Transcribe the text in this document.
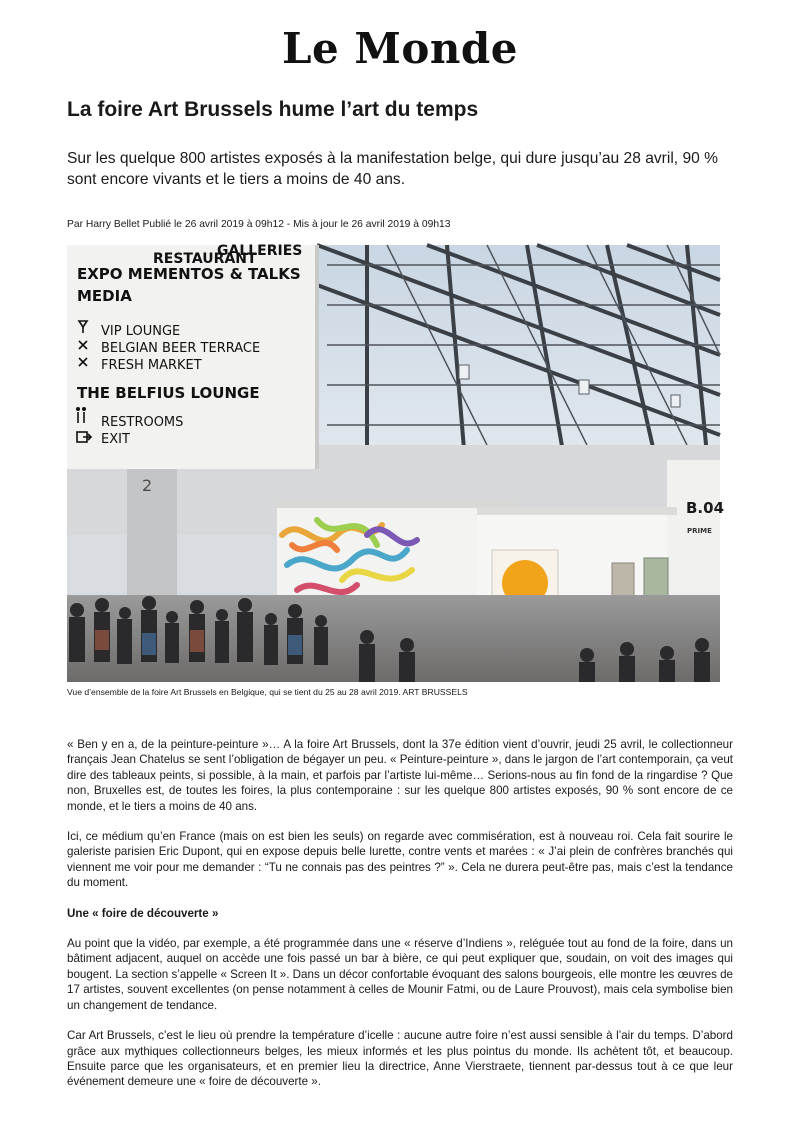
Le Monde
La foire Art Brussels hume l’art du temps

Sur les quelque 800 artistes exposés à la manifestation belge, qui dure jusqu’au 28 avril, 90 % sont encore vivants et le tiers a moins de 40 ans.

Par Harry Bellet Publié le 26 avril 2019 à 09h12 - Mis à jour le 26 avril 2019 à 09h13

B.04
PRIME
2
GALLERIES
RESTAURANT
EXPO MEMENTOS & TALKS
MEDIA
VIP LOUNGE
BELGIAN BEER TERRACE
FRESH MARKET
THE BELFIUS LOUNGE
RESTROOMS
EXIT

Vue d’ensemble de la foire Art Brussels en Belgique, qui se tient du 25 au 28 avril 2019. ART BRUSSELS

« Ben y en a, de la peinture-peinture »… A la foire Art Brussels, dont la 37e édition vient d’ouvrir, jeudi 25 avril, le collectionneur français Jean Chatelus se sent l’obligation de bégayer un peu. « Peinture-peinture », dans le jargon de l’art contemporain, ça veut dire des tableaux peints, si possible, à la main, et parfois par l’artiste lui-même… Serions-nous au fin fond de la ringardise ? Que non, Bruxelles est, de toutes les foires, la plus contemporaine : sur les quelque 800 artistes exposés, 90 % sont encore de ce monde, et le tiers a moins de 40 ans.

Ici, ce médium qu’en France (mais on est bien les seuls) on regarde avec commisération, est à nouveau roi. Cela fait sourire le galeriste parisien Eric Dupont, qui en expose depuis belle lurette, contre vents et marées : « J’ai plein de confrères branchés qui viennent me voir pour me demander : “Tu ne connais pas des peintres ?” ». Cela ne durera peut-être pas, mais c’est la tendance du moment.

Une « foire de découverte »

Au point que la vidéo, par exemple, a été programmée dans une « réserve d’Indiens », reléguée tout au fond de la foire, dans un bâtiment adjacent, auquel on accède une fois passé un bar à bière, ce qui peut expliquer que, soudain, on voit des images qui bougent. La section s’appelle « Screen It ». Dans un décor confortable évoquant des salons bourgeois, elle montre les œuvres de 17 artistes, souvent excellentes (on pense notamment à celles de Mounir Fatmi, ou de Laure Prouvost), mais cela symbolise bien un changement de tendance.

Car Art Brussels, c’est le lieu où prendre la température d’icelle : aucune autre foire n’est aussi sensible à l’air du temps. D’abord grâce aux mythiques collectionneurs belges, les mieux informés et les plus pointus du monde. Ils achètent tôt, et beaucoup. Ensuite parce que les organisateurs, et en premier lieu la directrice, Anne Vierstraete, tiennent par-dessus tout à ce que leur événement demeure une « foire de découverte ».
